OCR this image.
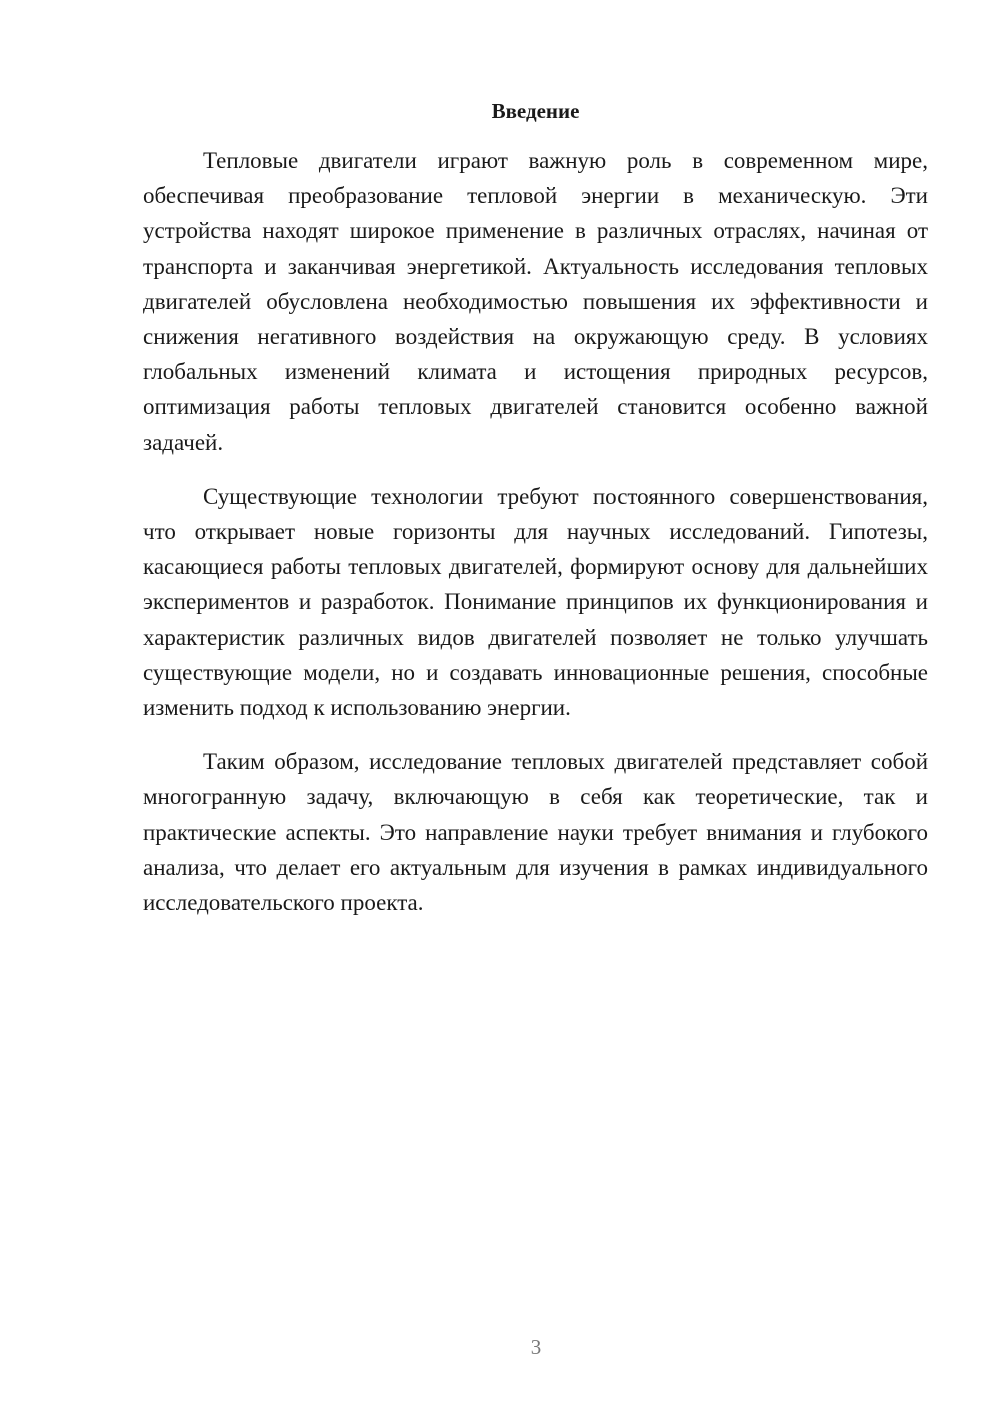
Введение

Тепловые двигатели играют важную роль в современном мире, обеспечивая преобразование тепловой энергии в механическую. Эти устройства находят широкое применение в различных отраслях, начиная от транспорта и заканчивая энергетикой. Актуальность исследования тепловых двигателей обусловлена необходимостью повышения их эффективности и снижения негативного воздействия на окружающую среду. В условиях глобальных изменений климата и истощения природных ресурсов, оптимизация работы тепловых двигателей становится особенно важной задачей.

Существующие технологии требуют постоянного совершенствования, что открывает новые горизонты для научных исследований. Гипотезы, касающиеся работы тепловых двигателей, формируют основу для дальнейших экспериментов и разработок. Понимание принципов их функционирования и характеристик различных видов двигателей позволяет не только улучшать существующие модели, но и создавать инновационные решения, способные изменить подход к использованию энергии.

Таким образом, исследование тепловых двигателей представляет собой многогранную задачу, включающую в себя как теоретические, так и практические аспекты. Это направление науки требует внимания и глубокого анализа, что делает его актуальным для изучения в рамках индивидуального исследовательского проекта.

3
